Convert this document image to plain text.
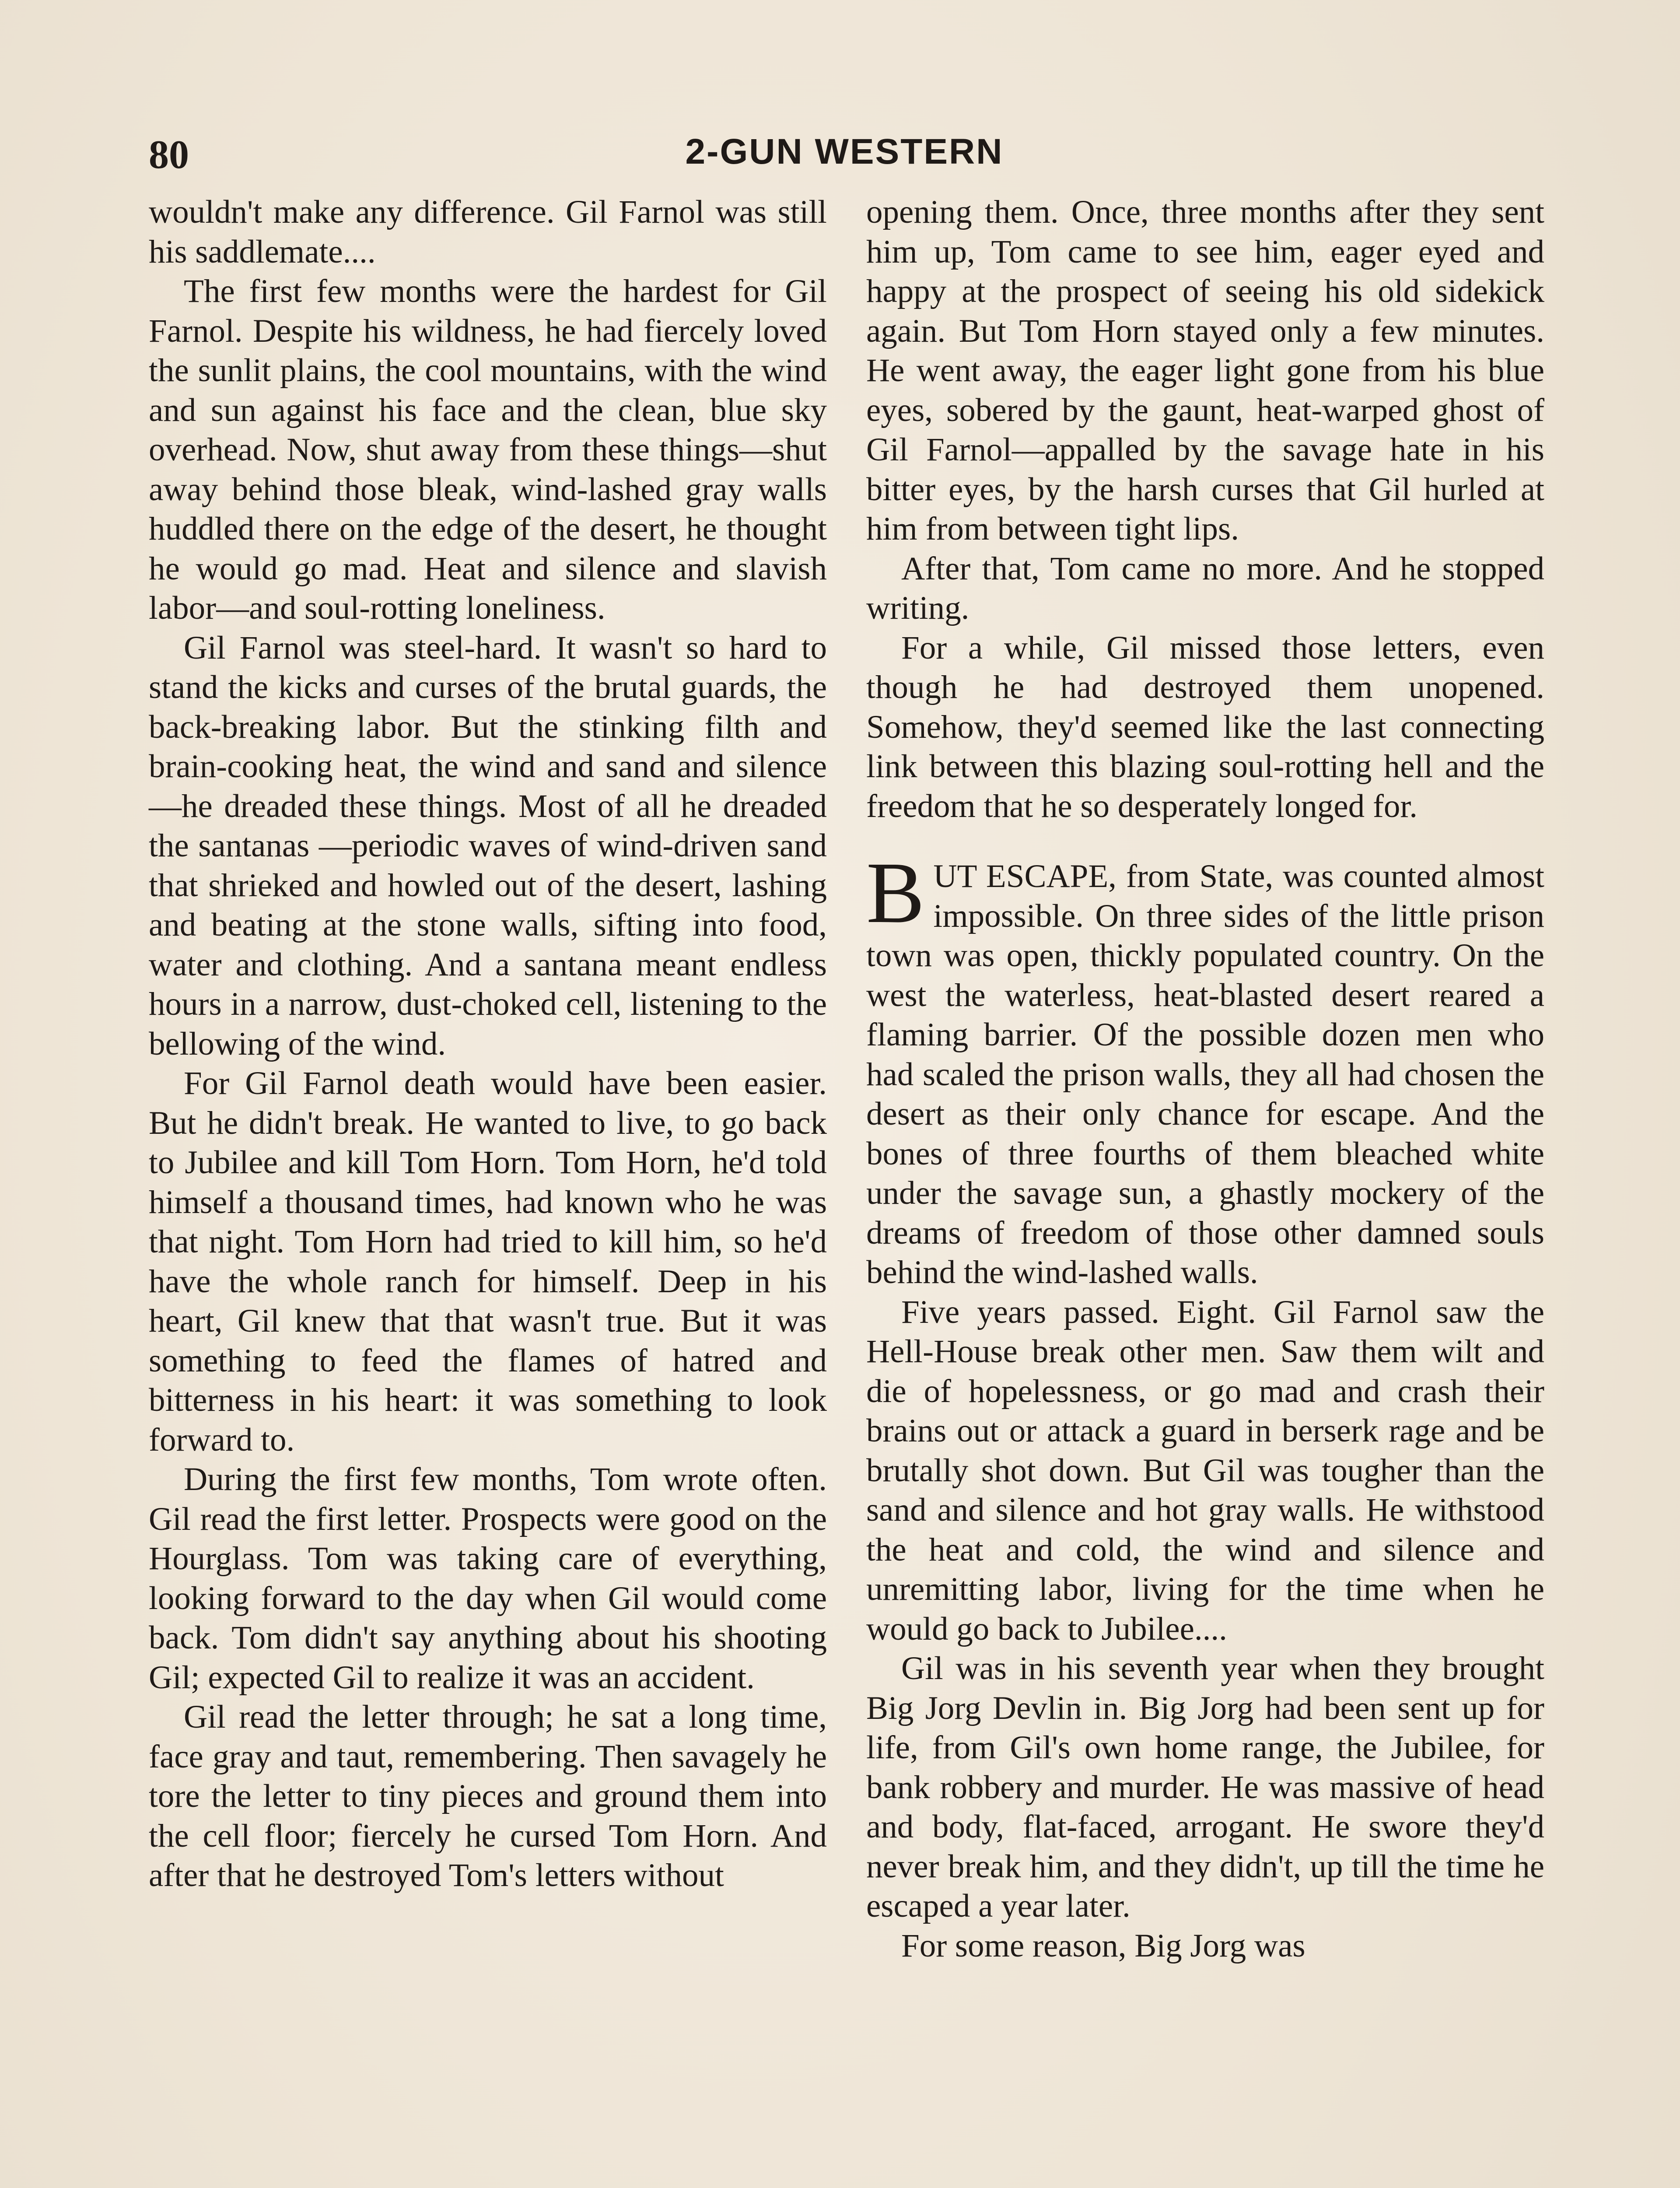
80	2-GUN WESTERN

wouldn't make any difference. Gil Farnol was still his saddlemate....

The first few months were the hardest for Gil Farnol. Despite his wildness, he had fiercely loved the sunlit plains, the cool mountains, with the wind and sun against his face and the clean, blue sky overhead. Now, shut away from these things—shut away behind those bleak, wind-lashed gray walls huddled there on the edge of the desert, he thought he would go mad. Heat and silence and slavish labor—and soul-rotting loneliness.

Gil Farnol was steel-hard. It wasn't so hard to stand the kicks and curses of the brutal guards, the back-breaking labor. But the stinking filth and brain-cooking heat, the wind and sand and silence—he dreaded these things. Most of all he dreaded the santanas —periodic waves of wind-driven sand that shrieked and howled out of the desert, lashing and beating at the stone walls, sifting into food, water and clothing. And a santana meant endless hours in a narrow, dust-choked cell, listening to the bellowing of the wind.

For Gil Farnol death would have been easier. But he didn't break. He wanted to live, to go back to Jubilee and kill Tom Horn. Tom Horn, he'd told himself a thousand times, had known who he was that night. Tom Horn had tried to kill him, so he'd have the whole ranch for himself. Deep in his heart, Gil knew that that wasn't true. But it was something to feed the flames of hatred and bitterness in his heart: it was something to look forward to.

During the first few months, Tom wrote often. Gil read the first letter. Prospects were good on the Hourglass. Tom was taking care of everything, looking forward to the day when Gil would come back. Tom didn't say anything about his shooting Gil; expected Gil to realize it was an accident.

Gil read the letter through; he sat a long time, face gray and taut, remembering. Then savagely he tore the letter to tiny pieces and ground them into the cell floor; fiercely he cursed Tom Horn. And after that he destroyed Tom's letters without

opening them. Once, three months after they sent him up, Tom came to see him, eager eyed and happy at the prospect of seeing his old sidekick again. But Tom Horn stayed only a few minutes. He went away, the eager light gone from his blue eyes, sobered by the gaunt, heat-warped ghost of Gil Farnol—appalled by the savage hate in his bitter eyes, by the harsh curses that Gil hurled at him from between tight lips.

After that, Tom came no more. And he stopped writing.

For a while, Gil missed those letters, even though he had destroyed them unopened. Somehow, they'd seemed like the last connecting link between this blazing soul-rotting hell and the freedom that he so desperately longed for.

BUT ESCAPE, from State, was counted almost impossible. On three sides of the little prison town was open, thickly populated country. On the west the waterless, heat-blasted desert reared a flaming barrier. Of the possible dozen men who had scaled the prison walls, they all had chosen the desert as their only chance for escape. And the bones of three fourths of them bleached white under the savage sun, a ghastly mockery of the dreams of freedom of those other damned souls behind the wind-lashed walls.

Five years passed. Eight. Gil Farnol saw the Hell-House break other men. Saw them wilt and die of hopelessness, or go mad and crash their brains out or attack a guard in berserk rage and be brutally shot down. But Gil was tougher than the sand and silence and hot gray walls. He withstood the heat and cold, the wind and silence and unremitting labor, living for the time when he would go back to Jubilee....

Gil was in his seventh year when they brought Big Jorg Devlin in. Big Jorg had been sent up for life, from Gil's own home range, the Jubilee, for bank robbery and murder. He was massive of head and body, flat-faced, arrogant. He swore they'd never break him, and they didn't, up till the time he escaped a year later.

For some reason, Big Jorg was
